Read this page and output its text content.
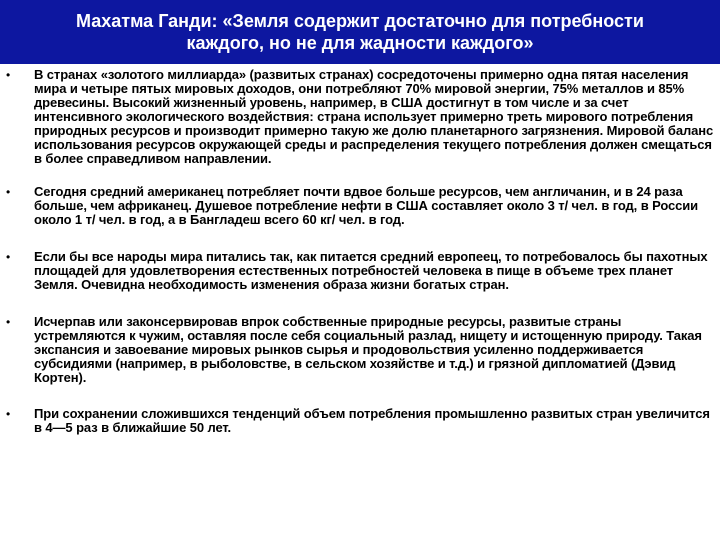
Махатма Ганди: «Земля содержит достаточно для потребности
каждого, но не для жадности каждого»
• В странах «золотого миллиарда» (развитых странах) сосредоточены примерно одна пятая населения мира и четыре пятых мировых доходов, они потребляют 70% мировой энергии, 75% металлов и 85% древесины. Высокий жизненный уровень, например, в США достигнут в том числе и за счет интенсивного экологического воздействия: страна использует примерно треть мирового потребления природных ресурсов и производит примерно такую же долю планетарного загрязнения. Мировой баланс использования ресурсов окружающей среды и распределения текущего потребления должен смещаться в более справедливом направлении.
• Сегодня средний американец потребляет почти вдвое больше ресурсов, чем англичанин, и в 24 раза больше, чем африканец. Душевое потребление нефти в США составляет около 3 т/ чел. в год, в России около 1 т/ чел. в год, а в Бангладеш всего 60 кг/ чел. в год.
• Если бы все народы мира питались так, как питается средний европеец, то потребовалось бы пахотных площадей для удовлетворения естественных потребностей человека в пище в объеме трех планет Земля. Очевидна необходимость изменения образа жизни богатых стран.
• Исчерпав или законсервировав впрок собственные природные ресурсы, развитые страны устремляются к чужим, оставляя после себя социальный разлад, нищету и истощенную природу. Такая экспансия и завоевание мировых рынков сырья и продовольствия усиленно поддерживается субсидиями (например, в рыболовстве, в сельском хозяйстве и т.д.) и грязной дипломатией (Дэвид Кортен).
• При сохранении сложившихся тенденций объем потребления промышленно развитых стран увеличится в 4—5 раз в ближайшие 50 лет.
